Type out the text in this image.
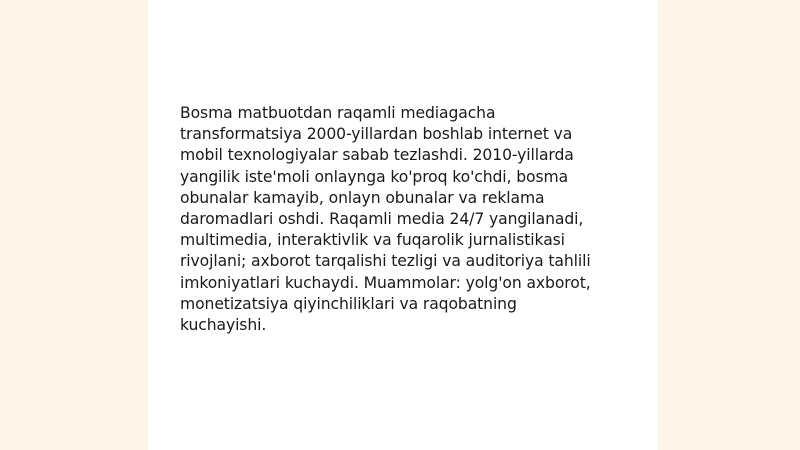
Bosma matbuotdan raqamli mediagacha
transformatsiya 2000-yillardan boshlab internet va
mobil texnologiyalar sabab tezlashdi. 2010-yillarda
yangilik iste'moli onlaynga ko'proq ko'chdi, bosma
obunalar kamayib, onlayn obunalar va reklama
daromadlari oshdi. Raqamli media 24/7 yangilanadi,
multimedia, interaktivlik va fuqarolik jurnalistikasi
rivojlani; axborot tarqalishi tezligi va auditoriya tahlili
imkoniyatlari kuchaydi. Muammolar: yolg'on axborot,
monetizatsiya qiyinchiliklari va raqobatning
kuchayishi.
